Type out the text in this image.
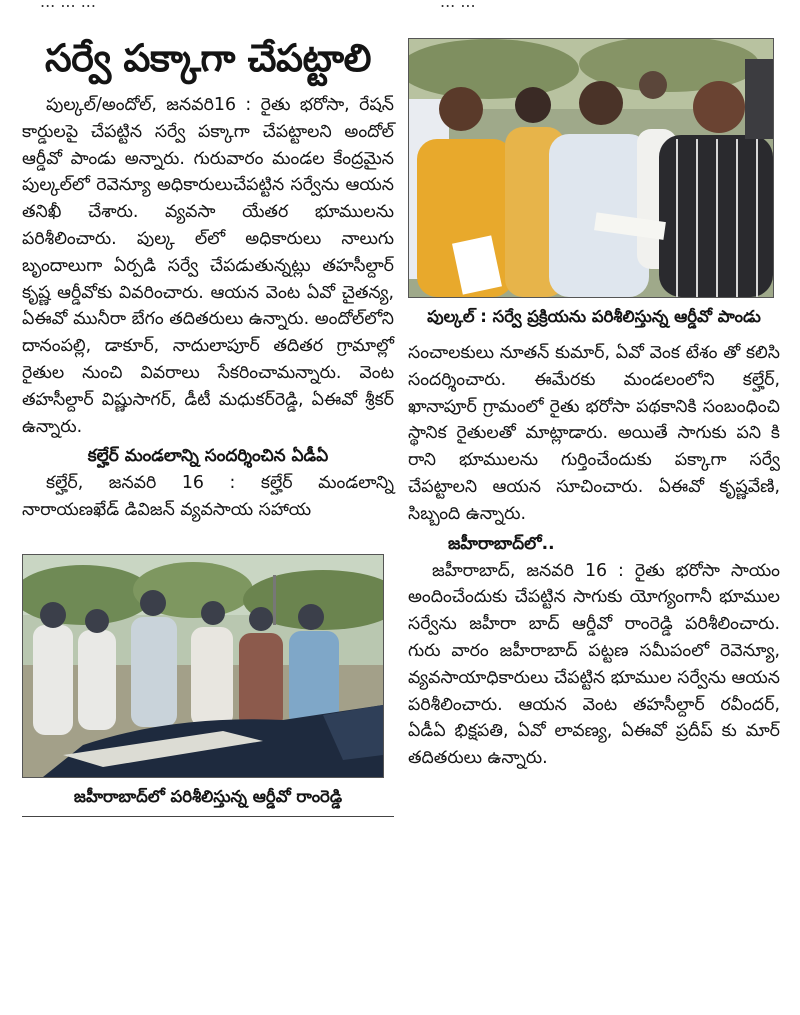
... ... ...	... ...
సర్వే పక్కాగా చేపట్టాలి

పుల్కల్/అందోల్, జనవరి16 : రైతు భరోసా, రేషన్ కార్డులపై చేపట్టిన సర్వే పక్కాగా చేపట్టాలని అందోల్ ఆర్డీవో పాండు అన్నారు. గురువారం మండల కేంద్రమైన పుల్కల్‌లో రెవెన్యూ అధికారులుచేపట్టిన సర్వేను ఆయన తనిఖీ చేశారు. వ్యవసా యేతర భూములను పరిశీలించారు. పుల్క ల్‌లో అధికారులు నాలుగు బృందాలుగా ఏర్పడి సర్వే చేపడుతున్నట్లు తహసీల్దార్ కృష్ణ ఆర్డీవోకు వివరించారు. ఆయన వెంట ఏవో చైతన్య, ఏఈవో మునీరా బేగం తదితరులు ఉన్నారు. అందోల్‌లోని దానంపల్లి, డాకూర్, నాదులాపూర్ తదితర గ్రామాల్లో రైతుల నుంచి వివరాలు సేకరించామన్నారు. వెంట తహసీల్దార్ విష్ణుసాగర్, డీటీ మధుకర్‌రెడ్డి, ఏఈవో శ్రీకర్ ఉన్నారు.

కల్హేర్ మండలాన్ని సందర్శించిన ఏడీఏ

కల్హేర్, జనవరి 16 : కల్హేర్ మండలాన్ని నారాయణఖేడ్ డివిజన్ వ్యవసాయ సహాయ

జహీరాబాద్‌లో పరిశీలిస్తున్న ఆర్డీవో రాంరెడ్డి
పుల్కల్ : సర్వే ప్రక్రియను పరిశీలిస్తున్న ఆర్డీవో పాండు

సంచాలకులు నూతన్ కుమార్, ఏవో వెంక టేశం తో కలిసి సందర్శించారు. ఈమేరకు మండలంలోని కల్హేర్, ఖానాపూర్ గ్రామంలో రైతు భరోసా పథకానికి సంబంధించి స్థానిక రైతులతో మాట్లాడారు. అయితే సాగుకు పని కి రాని భూములను గుర్తించేందుకు పక్కాగా సర్వే చేపట్టాలని ఆయన సూచించారు. ఏఈవో కృష్ణవేణి, సిబ్బంది ఉన్నారు.

జహీరాబాద్‌లో..

జహీరాబాద్, జనవరి 16 : రైతు భరోసా సాయం అందించేందుకు చేపట్టిన సాగుకు యోగ్యంగానీ భూముల సర్వేను జహీరా బాద్ ఆర్డీవో రాంరెడ్డి పరిశీలించారు. గురు వారం జహీరాబాద్ పట్టణ సమీపంలో రెవెన్యూ, వ్యవసాయాధికారులు చేపట్టిన భూముల సర్వేను ఆయన పరిశీలించారు. ఆయన వెంట తహసీల్దార్ రవీందర్, ఏడీఏ భిక్షపతి, ఏవో లావణ్య, ఏఈవో ప్రదీప్ కు మార్ తదితరులు ఉన్నారు.
